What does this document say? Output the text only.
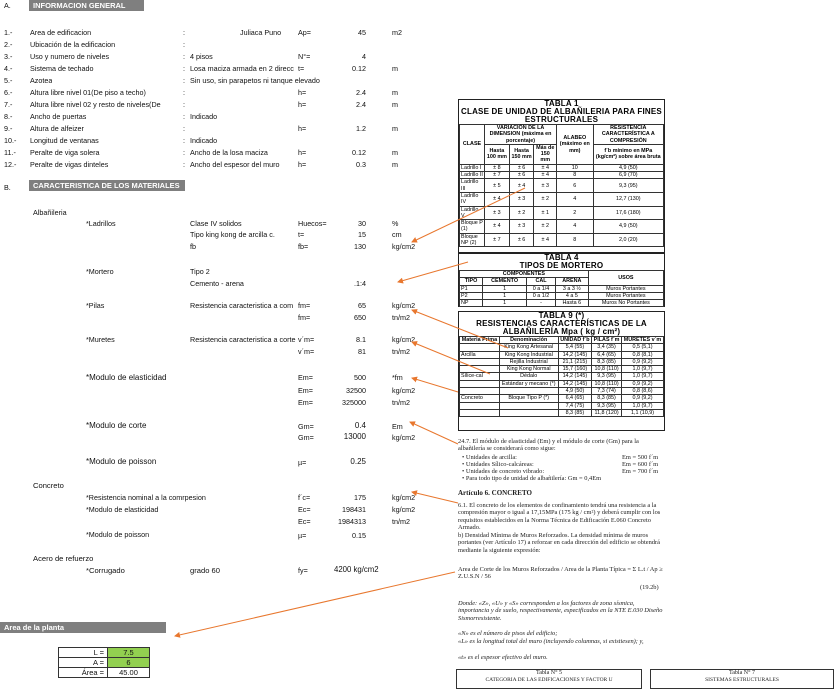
A.	INFORMACION GENERAL
1.- Area de edificacion	:	Juliaca Puno Ap=	45	m2
2.- Ubicación de la edificacion	:
3.- Uso y numero de niveles	: 4 pisos	N°=	4
4.- Sistema de techado	: Losa maciza armada en 2 direcc t=	0.12	m
5.- Azotea	: Sin uso, sin parapetos ni tanque elevado
6.- Altura libre nivel 01(De piso a techo)	:	h=	2.4	m
7.- Altura libre nivel 02 y resto de niveles(De	:	h=	2.4	m
8.- Ancho de puertas	: Indicado
9.- Altura de alfeizer	:	h=	1.2	m
10.- Longitud de ventanas	: Indicado
11.- Peralte de viga solera	: Ancho de la losa maciza	h=	0.12	m
12.- Peralte de vigas dinteles	: Ancho del espesor del muro	h=	0.3	m
B.	CARACTERISTICA DE LOS MATERIALES
Albañileria
*Ladrillos	Clase IV solidos	Huecos=	30	%
Tipo king kong de arcilla c.	t=	15	cm
fb	fb=	130	kg/cm2
*Mortero	Tipo 2
Cemento - arena	.1:4
*Pilas	Resistencia caracteristica a com fm=	65	kg/cm2
fm=	650	tn/m2
*Muretes	Resistencia caracteristica a corte v´m=	8.1	kg/cm2
v´m=	81	tn/m2
*Modulo de elasticidad	Em=	500	*fm
Em=	32500	kg/cm2
Em=	325000	tn/m2
*Modulo de corte	Gm=	0.4	Em
Gm=	13000	kg/cm2
*Modulo de poisson	µ=	0.25
Concreto
*Resistencia nominal a la comrpesion	f´c=	175	kg/cm2
*Modulo de elasticidad	Ec=	198431	kg/cm2
Ec=	1984313	tn/m2
*Modulo de poisson	µ=	0.15
Acero de refuerzo
*Corrugado	grado 60	fy=	4200 kg/cm2
Area de la planta
L =	7.5
A =	6
Área =	45.00
TABLA 1
CLASE DE UNIDAD DE ALBAÑILERIA PARA FINES
ESTRUCTURALES
CLASE	VARIACIÓN DE LA DIMENSION (máxima en porcentaje)			ALABEO (máximo en mm)	RESISTENCIA CARACTERÍSTICA A COMPRESIÓN
	Hasta 100 mm	Hasta 150 mm	Más de 150 mm		f´b mínimo en MPa (kg/cm²) sobre área bruta
Ladrillo I	± 8	± 6	± 4	10	4,9 (50)
Ladrillo II	± 7	± 6	± 4	8	6,9 (70)
Ladrillo III	± 5	± 4	± 3	6	9,3 (95)
Ladrillo IV	± 4	± 3	± 2	4	12,7 (130)
Ladrillo V	± 3	± 2	± 1	2	17,6 (180)
Bloque P (1)	± 4	± 3	± 2	4	4,9 (50)
Bloque NP (2)	± 7	± 6	± 4	8	2,0 (20)
TABLA 4
TIPOS DE MORTERO
COMPONENTES				USOS
TIPO	CEMENTO	CAL	ARENA	
P1	1	0 a 1/4	3 a 3 ½	Muros Portantes
P2	1	0 a 1/2	4 a 5	Muros Portantes
NP	1	-	Hasta 6	Muros No Portantes
TABLA 9 (*)
RESISTENCIAS CARACTERÍSTICAS DE LA
ALBAÑILERÍA Mpa ( kg / cm²)
Materia Prima	Denominación	UNIDAD f´b	PILAS f´m	MURETES v´m
	King Kong Artesanal	5,4 (55)	3,4 (35)	0,5 (5,1)
Arcilla	King Kong Industrial	14,2 (145)	6,4 (65)	0,8 (8,1)
	Rejilla Industrial	21,1 (215)	8,3 (85)	0,9 (9,2)
	King Kong Normal	15,7 (160)	10,8 (110)	1,0 (9,7)
Sílice-cal	Dédalo	14,2 (145)	9,3 (95)	1,0 (9,7)
	Estándar y mecano (*)	14,2 (145)	10,8 (110)	0,9 (9,2)
		4,9 (50)	7,3 (74)	0,8 (8,6)
Concreto	Bloque Tipo P (*)	6,4 (65)	8,3 (85)	0,9 (9,2)
		7,4 (75)	9,3 (95)	1,0 (9,7)
		8,3 (85)	11,8 (120)	1,1 (10,9)
24.7. El módulo de elasticidad (Em) y el módulo de corte (Gm) para la albañilería se considerará como sigue:
• Unidades de arcilla:	Em = 500 f´m
• Unidades Sílico-calcáreas:	Em = 600 f´m
• Unidades de concreto vibrado:	Em = 700 f´m
• Para todo tipo de unidad de albañilería: Gm = 0,4Em
Artículo 6. CONCRETO
6.1. El concreto de los elementos de confinamiento tendrá una resistencia a la compresión mayor o igual a 17,15MPa (175 kg / cm²) y deberá cumplir con los requisitos establecidos en la Norma Técnica de Edificación E.060 Concreto Armado.
b) Densidad Mínima de Muros Reforzados. La densidad mínima de muros portantes (ver Artículo 17) a reforzar en cada dirección del edificio se obtendrá mediante la siguiente expresión:
Area de Corte de los Muros Reforzados / Area de la Planta Típica = Σ L.t / Ap ≥ Z.U.S.N / 56
(19.2b)
Donde: «Z», «U» y «S» corresponden a los factores de zona sísmica, importancia y de suelo, respectivamente, especificados en la NTE E.030 Diseño Sismorresistente.
«N» es el número de pisos del edificio;
«L» es la longitud total del muro (incluyendo columnas, si existiesen); y,
«t» es el espesor efectivo del muro.
Tabla N° 5
CATEGORIA DE LAS EDIFICACIONES Y FACTOR U
Tabla N° 7
SISTEMAS ESTRUCTURALES
